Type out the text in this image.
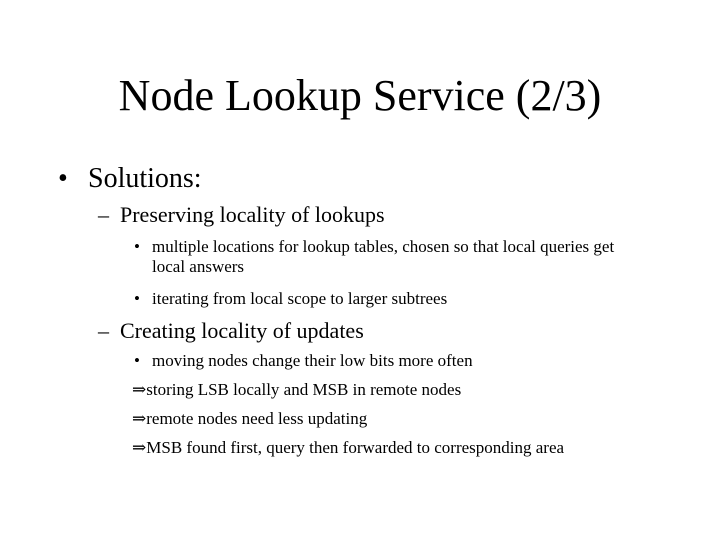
Node Lookup Service (2/3)
• Solutions:
– Preserving locality of lookups
• multiple locations for lookup tables, chosen so that local queries get local answers
• iterating from local scope to larger subtrees
– Creating locality of updates
• moving nodes change their low bits more often
⇒storing LSB locally and MSB in remote nodes
⇒remote nodes need less updating
⇒MSB found first, query then forwarded to corresponding area
